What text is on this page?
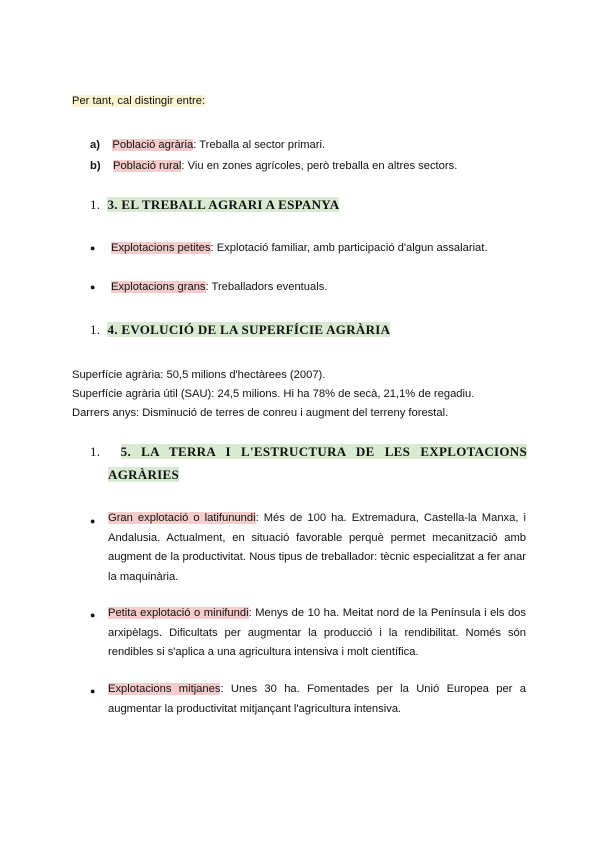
Per tant, cal distingir entre:
a) Població agrària: Treballa al sector primari.
b) Població rural: Viu en zones agrícoles, però treballa en altres sectors.
1. 3. EL TREBALL AGRARI A ESPANYA
● Explotacions petites: Explotació familiar, amb participació d'algun assalariat.
● Explotacions grans: Treballadors eventuals.
1. 4. EVOLUCIÓ DE LA SUPERFÍCIE AGRÀRIA
Superfície agrària: 50,5 milions d'hectàrees (2007).
Superfície agrària útil (SAU): 24,5 milions. Hi ha 78% de secà, 21,1% de regadiu.
Darrers anys: Disminució de terres de conreu i augment del terreny forestal.
1. 5. LA TERRA I L'ESTRUCTURA DE LES EXPLOTACIONS
AGRÀRIES
● Gran explotació o latifunundi: Més de 100 ha. Extremadura, Castella-la Manxa, i Andalusia. Actualment, en situació favorable perquè permet mecanització amb augment de la productivitat. Nous tipus de treballador: tècnic especialitzat a fer anar la maquinària.
● Petita explotació o minifundi: Menys de 10 ha. Meitat nord de la Península i els dos arxipèlags. Dificultats per augmentar la producció i la rendibilitat. Només són rendibles si s'aplica a una agricultura intensiva i molt científica.
● Explotacions mitjanes: Unes 30 ha. Fomentades per la Unió Europea per a augmentar la productivitat mitjançant l'agricultura intensiva.
